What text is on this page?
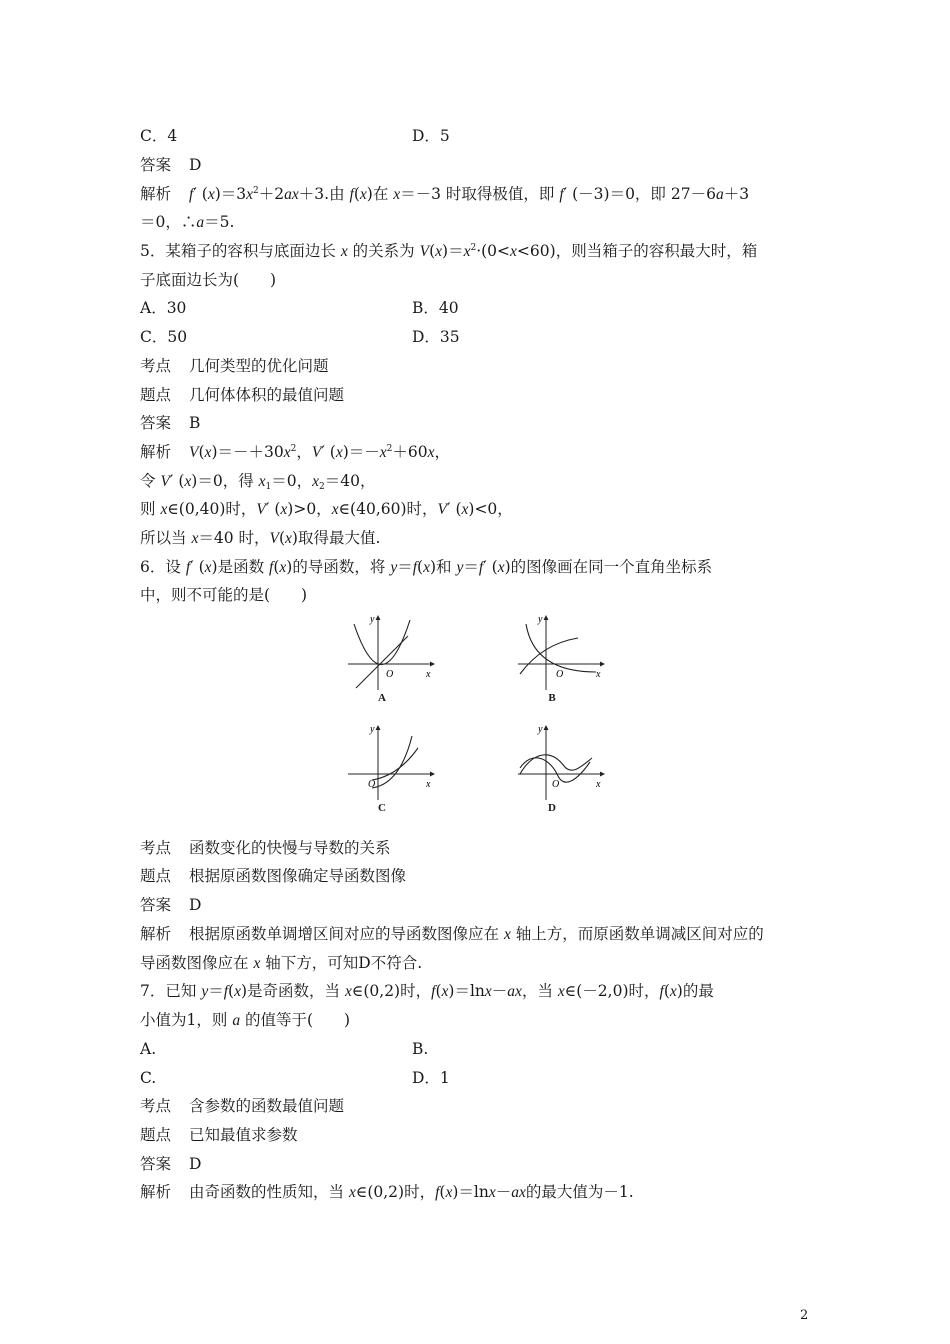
C．4	D．5
答案 D
解析 f′ $(x)=3x^2+2ax+3$.由 f(x)在 x＝－3 时取得极值，即 f′ (－3)＝0，即 27－6a＋3
＝0，∴a＝5.
5．某箱子的容积与底面边长 x 的关系为 $V(x)=x^2\cdot(0<x<60)$，则当箱子的容积最大时，箱
子底面边长为(　　)
A．30	B．40
C．50	D．35
考点 几何类型的优化问题
题点 几何体体积的最值问题
答案 B
解析 $V(x)=-+30x^2$，V′ $(x)=-x^2+60x$，
令 V′ (x)＝0，得 $x_1=0$，$x_2=40$，
则 x∈(0,40)时，V′ (x)>0，x∈(40,60)时，V′ (x)<0，
所以当 x＝40 时，V(x)取得最大值.
6．设 f′ (x)是函数 f(x)的导函数，将 y＝f(x)和 y＝f′ (x)的图像画在同一个直角坐标系
中，则不可能的是(　　)
y
x
O
A
y
x
O
B
y
x
O
C
y
x
O
D
考点 函数变化的快慢与导数的关系
题点 根据原函数图像确定导函数图像
答案 D
解析 根据原函数单调增区间对应的导函数图像应在 x 轴上方，而原函数单调减区间对应的
导函数图像应在 x 轴下方，可知D不符合.
7．已知 y＝f(x)是奇函数，当 x∈(0,2)时，f(x)＝lnx－ax，当 x∈(－2,0)时，f(x)的最
小值为1，则 a 的值等于(　　)
A.	B.
C.	D．1
考点 含参数的函数最值问题
题点 已知最值求参数
答案 D
解析 由奇函数的性质知，当 x∈(0,2)时，f(x)＝lnx－ax的最大值为－1.
2
